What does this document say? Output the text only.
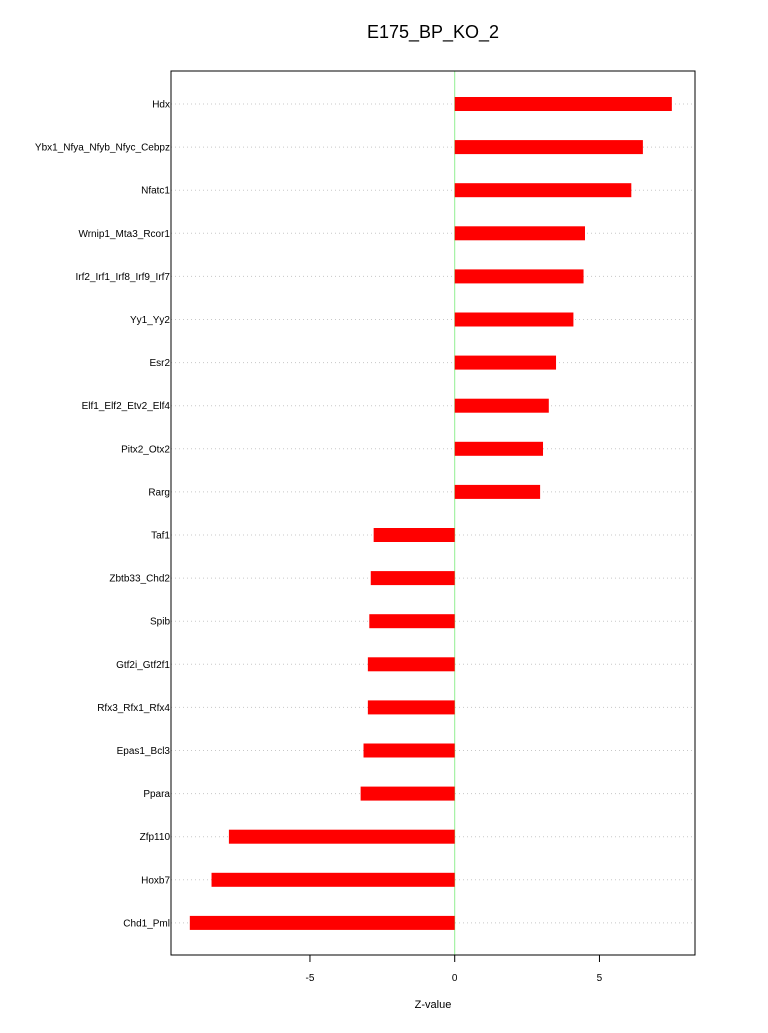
E175_BP_KO_2
Hdx
Ybx1_Nfya_Nfyb_Nfyc_Cebpz
Nfatc1
Wrnip1_Mta3_Rcor1
Irf2_Irf1_Irf8_Irf9_Irf7
Yy1_Yy2
Esr2
Elf1_Elf2_Etv2_Elf4
Pitx2_Otx2
Rarg
Taf1
Zbtb33_Chd2
Spib
Gtf2i_Gtf2f1
Rfx3_Rfx1_Rfx4
Epas1_Bcl3
Ppara
Zfp110
Hoxb7
Chd1_Pml
-5	0	5
Z-value
